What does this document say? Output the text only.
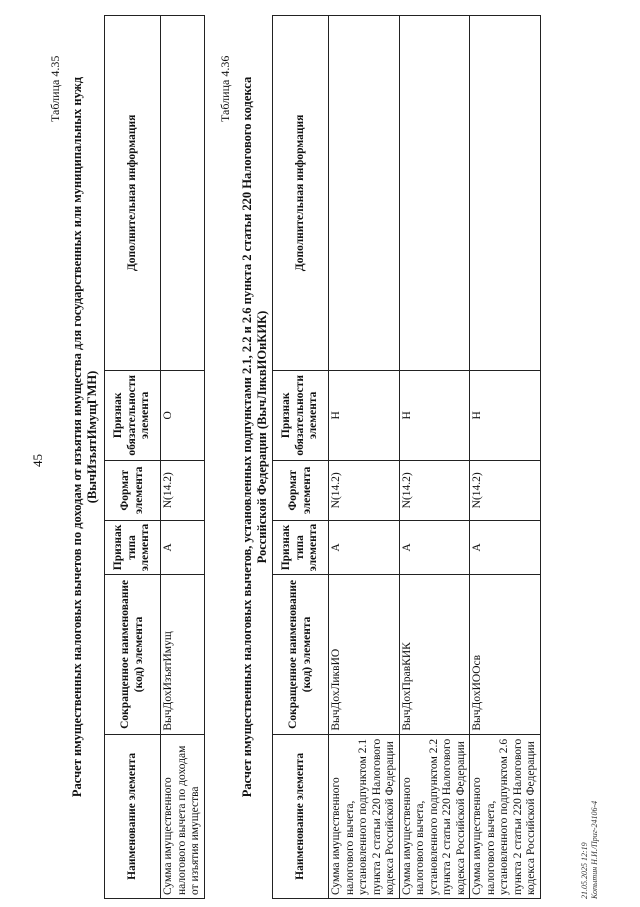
45
Таблица 4.35 Расчет имущественных налоговых вычетов по доходам от изъятия имущества для государственных или муниципальных нужд (ВычИзъятИмущГМН)
Наименование элемента	Сокращенное наименование (код) элемента	Признак типа элемента	Формат элемента	Признак обязательности элемента	Дополнительная информация
Сумма имущественного налогового вычета по доходам от изъятия имущества	ВычДохИзъятИмущ	А	N(14.2)	О	
Таблица 4.36 Расчет имущественных налоговых вычетов, установленных подпунктами 2.1, 2.2 и 2.6 пункта 2 статьи 220 Налогового кодекса Российской Федерации (ВычЛиквИОиКИК)
Наименование элемента	Сокращенное наименование (код) элемента	Признак типа элемента	Формат элемента	Признак обязательности элемента	Дополнительная информация
Сумма имущественного налогового вычета, установленного подпунктом 2.1 пункта 2 статьи 220 Налогового кодекса Российской Федерации	ВычДохЛиквИО	А	N(14.2)	Н	
Сумма имущественного налогового вычета, установленного подпунктом 2.2 пункта 2 статьи 220 Налогового кодекса Российской Федерации	ВычДохПравКИК	А	N(14.2)	Н	
Сумма имущественного налогового вычета, установленного подпунктом 2.6 пункта 2 статьи 220 Налогового кодекса Российской Федерации	ВычДохИООсв	А	N(14.2)	Н	
21.05.2025 12:19 Копытин Н.И./Приг-24106-4
